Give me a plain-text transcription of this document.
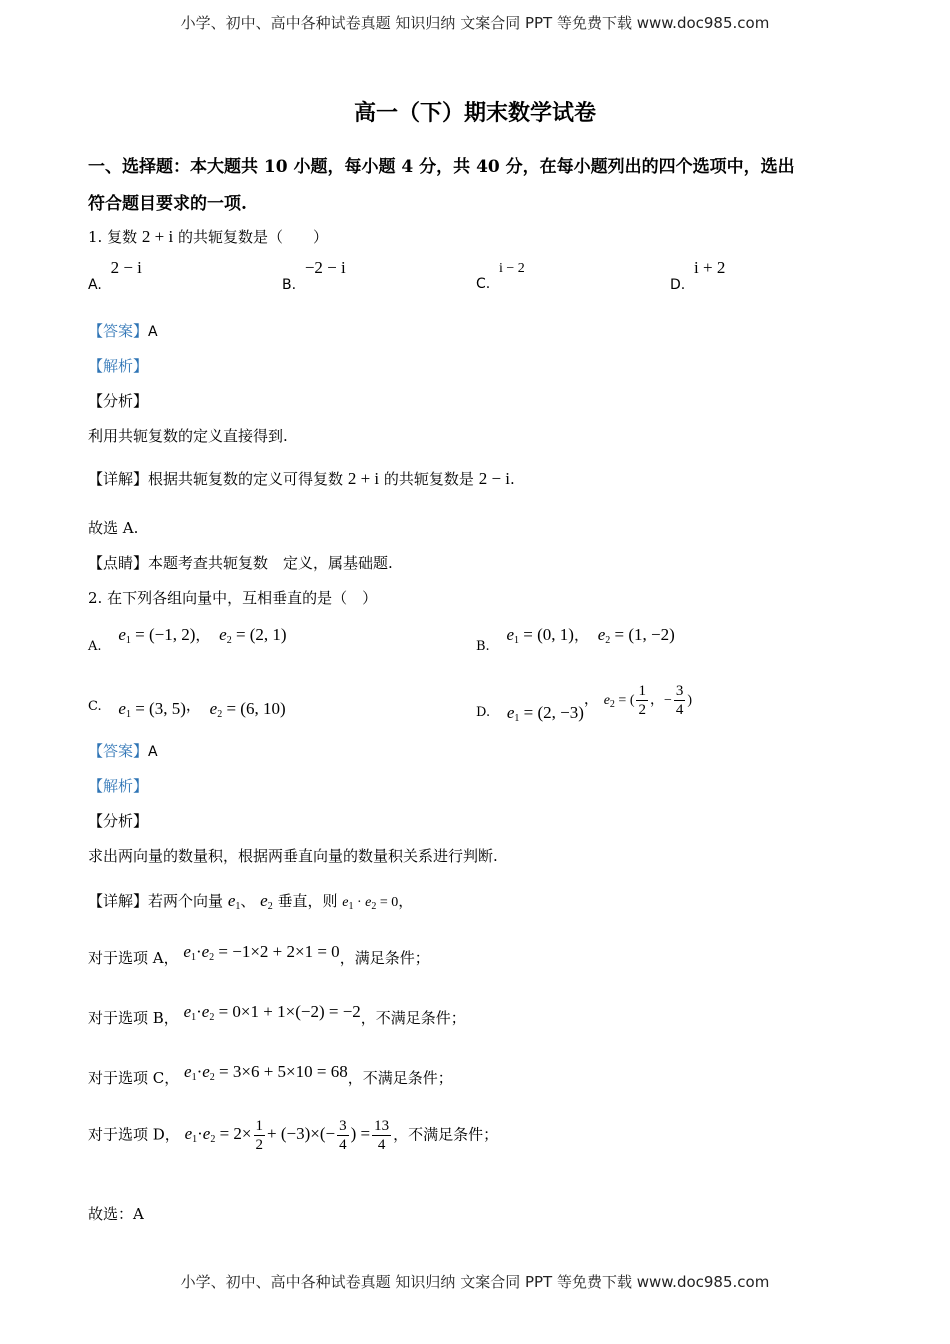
小学、初中、高中各种试卷真题 知识归纳 文案合同 PPT 等免费下载 www.doc985.com
高一（下）期末数学试卷
一、选择题：本大题共 10 小题，每小题 4 分，共 40 分，在每小题列出的四个选项中，选出
符合题目要求的一项.
1. 复数 2 + i 的共轭复数是（　　）
A. 2 − i
B. −2 − i
C. i − 2
D. i + 2
【答案】A
【解析】
【分析】
利用共轭复数的定义直接得到.
【详解】根据共轭复数的定义可得复数 2 + i 的共轭复数是 2 − i.
故选 A.
【点睛】本题考查共轭复数　定义，属基础题.
2. 在下列各组向量中，互相垂直的是（　）
A. $e_1 = (-1$, 2)， $e_2 = (2$, 1)
B. $e_1 = (0$, 1)， $e_2 = (1$, −2)
C. $e_1 = (3$, 5)， $e_2 = (6$, 10)	D. $e_1 = (2$, −3)， $e_2$ = ( $\frac{1}{2}$ ，− $\frac{3}{4}$ )
【答案】A
【解析】
【分析】
求出两向量的数量积，根据两垂直向量的数量积关系进行判断.
【详解】若两个向量 $e_1$、 $e_2$ 垂直，则 $e_1 \cdot e_2 = 0$，
对于选项 A， $e_1\cdot e_2 = -1\times 2 + 2\times 1 = 0$，满足条件；
对于选项 B， $e_1\cdot e_2 = 0\times 1 + 1\times(-2) = -2$，不满足条件；
对于选项 C， $e_1\cdot e_2 = 3\times 6 + 5\times 10 = 68$，不满足条件；
对于选项 D， $e_1\cdot e_2 = 2\times \frac{1}{2} + (-3)\times(- \frac{3}{4}$ ) = $\frac{13}{4}$ ，不满足条件；
故选：A
小学、初中、高中各种试卷真题 知识归纳 文案合同 PPT 等免费下载 www.doc985.com
